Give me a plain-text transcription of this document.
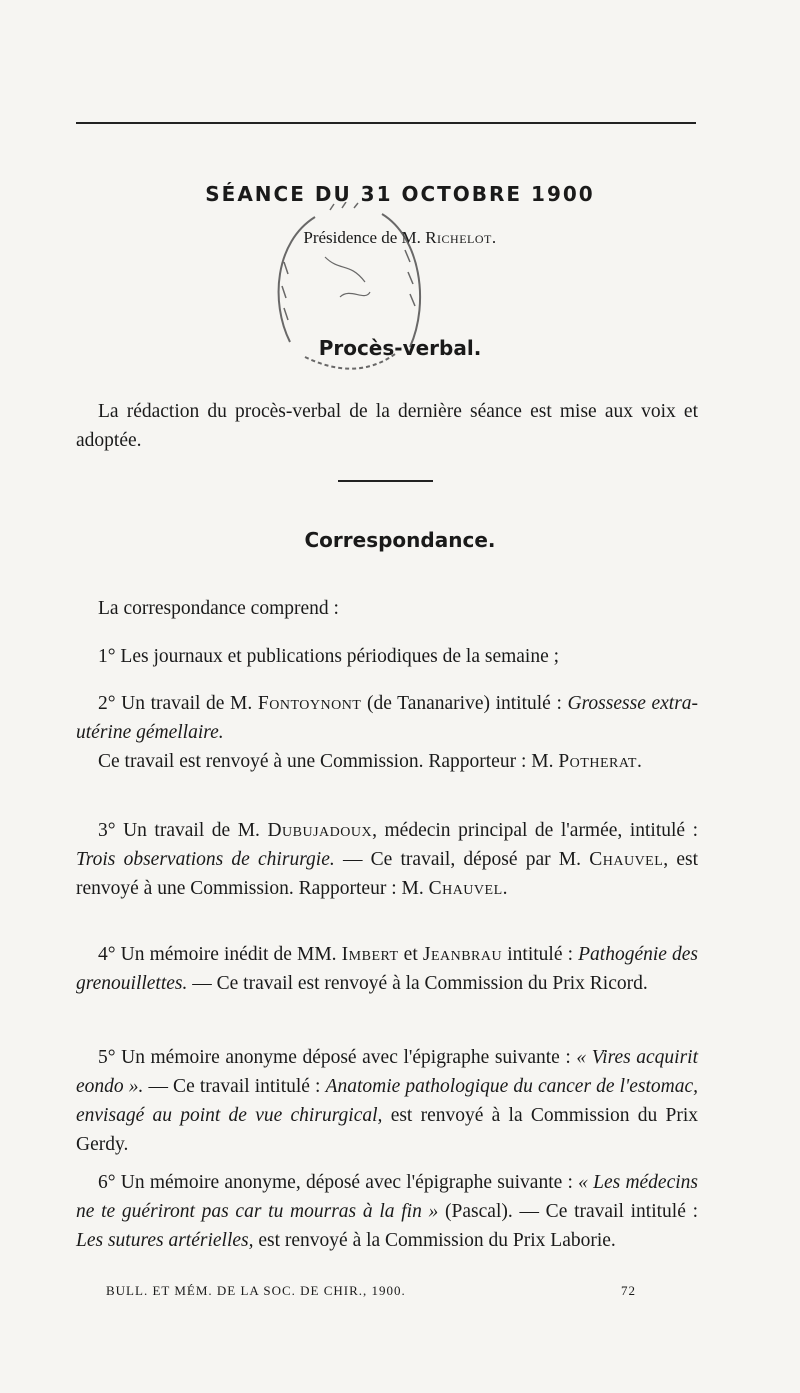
SÉANCE DU 31 OCTOBRE 1900
Présidence de M. Richelot.
Procès-verbal.
La rédaction du procès-verbal de la dernière séance est mise aux voix et adoptée.
Correspondance.
La correspondance comprend :
1° Les journaux et publications périodiques de la semaine ;
2° Un travail de M. Fontoynont (de Tananarive) intitulé : Grossesse extra-utérine gémellaire.
Ce travail est renvoyé à une Commission. Rapporteur : M. Potherat.
3° Un travail de M. Dubujadoux, médecin principal de l'armée, intitulé : Trois observations de chirurgie. — Ce travail, déposé par M. Chauvel, est renvoyé à une Commission. Rapporteur : M. Chauvel.
4° Un mémoire inédit de MM. Imbert et Jeanbrau intitulé : Pathogénie des grenouillettes. — Ce travail est renvoyé à la Commission du Prix Ricord.
5° Un mémoire anonyme déposé avec l'épigraphe suivante : « Vires acquirit eondo ». — Ce travail intitulé : Anatomie pathologique du cancer de l'estomac, envisagé au point de vue chirurgical, est renvoyé à la Commission du Prix Gerdy.
6° Un mémoire anonyme, déposé avec l'épigraphe suivante : « Les médecins ne te guériront pas car tu mourras à la fin » (Pascal). — Ce travail intitulé : Les sutures artérielles, est renvoyé à la Commission du Prix Laborie.
BULL. ET MÉM. DE LA SOC. DE CHIR., 1900.	72
